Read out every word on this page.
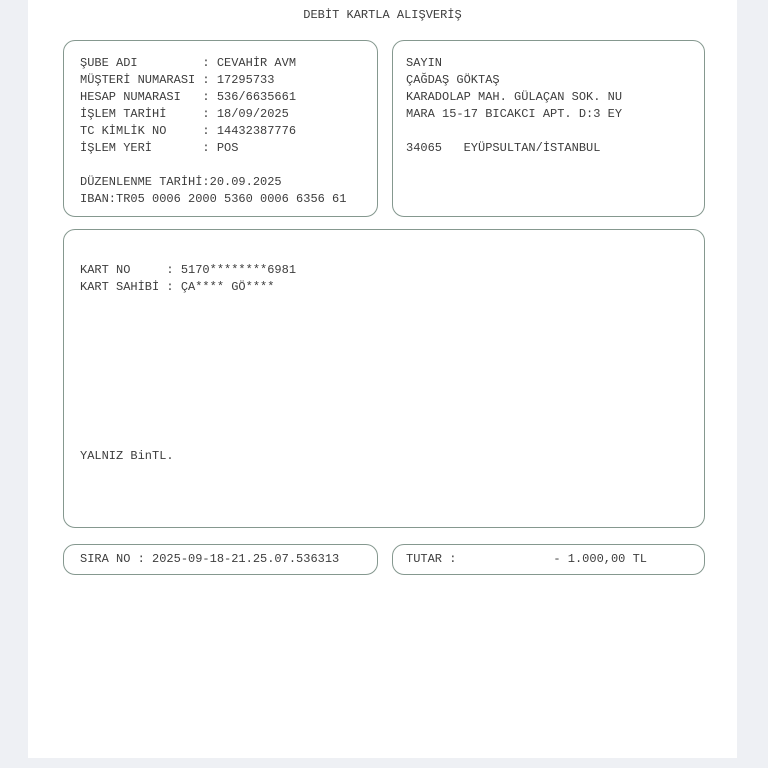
DEBİT KARTLA ALIŞVERİŞ
ŞUBE ADI         : CEVAHİR AVM
MÜŞTERİ NUMARASI : 17295733
HESAP NUMARASI   : 536/6635661
İŞLEM TARİHİ     : 18/09/2025
TC KİMLİK NO     : 14432387776
İŞLEM YERİ       : POS
DÜZENLENME TARİHİ:20.09.2025
IBAN:TR05 0006 2000 5360 0006 6356 61
SAYIN
ÇAĞDAŞ GÖKTAŞ
KARADOLAP MAH. GÜLAÇAN SOK. NU
MARA 15-17 BICAKCI APT. D:3 EY
34065   EYÜPSULTAN/İSTANBUL
KART NO     : 5170********6981
KART SAHİBİ : ÇA**** GÖ****
YALNIZ BinTL.
SIRA NO : 2025-09-18-21.25.07.536313	TUTAR :	- 1.000,00 TL
